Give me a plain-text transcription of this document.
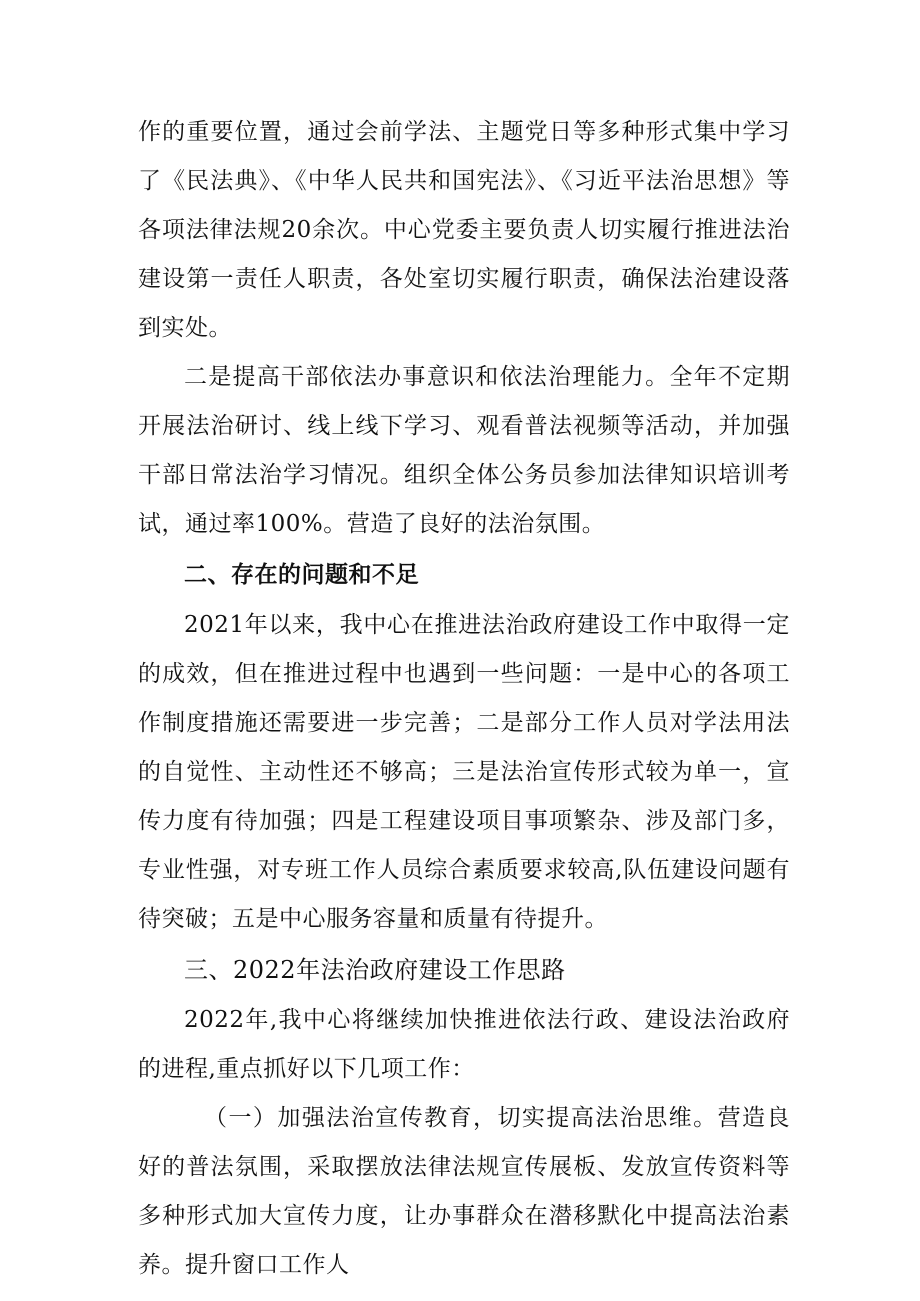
作的重要位置，通过会前学法、主题党日等多种形式集中学习了《民法典》、《中华人民共和国宪法》、《习近平法治思想》等各项法律法规20余次。中心党委主要负责人切实履行推进法治建设第一责任人职责，各处室切实履行职责，确保法治建设落到实处。

二是提高干部依法办事意识和依法治理能力。全年不定期开展法治研讨、线上线下学习、观看普法视频等活动，并加强干部日常法治学习情况。组织全体公务员参加法律知识培训考试，通过率100%。营造了良好的法治氛围。

二、存在的问题和不足

2021年以来，我中心在推进法治政府建设工作中取得一定的成效，但在推进过程中也遇到一些问题：一是中心的各项工作制度措施还需要进一步完善；二是部分工作人员对学法用法的自觉性、主动性还不够高；三是法治宣传形式较为单一，宣传力度有待加强；四是工程建设项目事项繁杂、涉及部门多，专业性强，对专班工作人员综合素质要求较高,队伍建设问题有待突破；五是中心服务容量和质量有待提升。

三、2022年法治政府建设工作思路

2022年,我中心将继续加快推进依法行政、建设法治政府的进程,重点抓好以下几项工作：

（一）加强法治宣传教育，切实提高法治思维。营造良好的普法氛围，采取摆放法律法规宣传展板、发放宣传资料等多种形式加大宣传力度，让办事群众在潜移默化中提高法治素养。提升窗口工作人
